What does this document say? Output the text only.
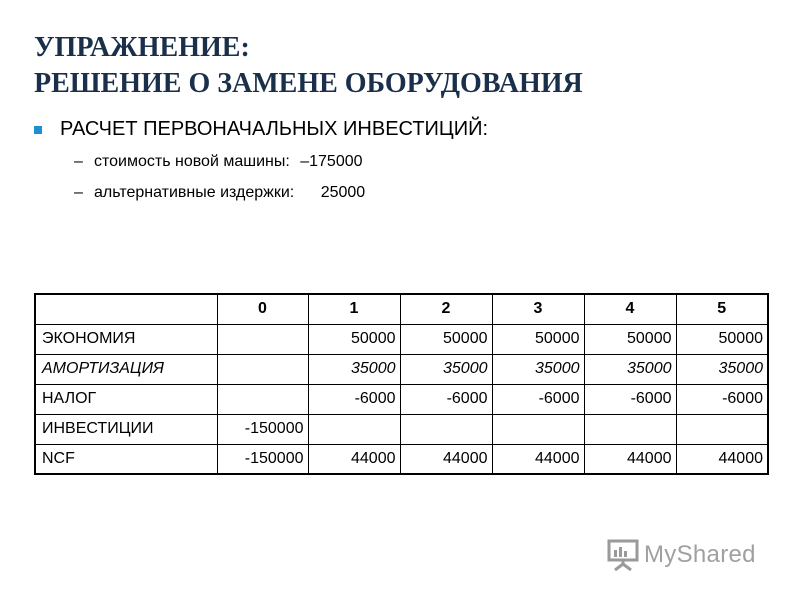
УПРАЖНЕНИЕ:
РЕШЕНИЕ О ЗАМЕНЕ ОБОРУДОВАНИЯ
РАСЧЕТ ПЕРВОНАЧАЛЬНЫХ ИНВЕСТИЦИЙ:
– стоимость новой машины: –175000
– альтернативные издержки: 25000
	0	1	2	3	4	5
ЭКОНОМИЯ		50000	50000	50000	50000	50000
АМОРТИЗАЦИЯ		35000	35000	35000	35000	35000
НАЛОГ		-6000	-6000	-6000	-6000	-6000
ИНВЕСТИЦИИ	-150000					
NCF	-150000	44000	44000	44000	44000	44000
MyShared
